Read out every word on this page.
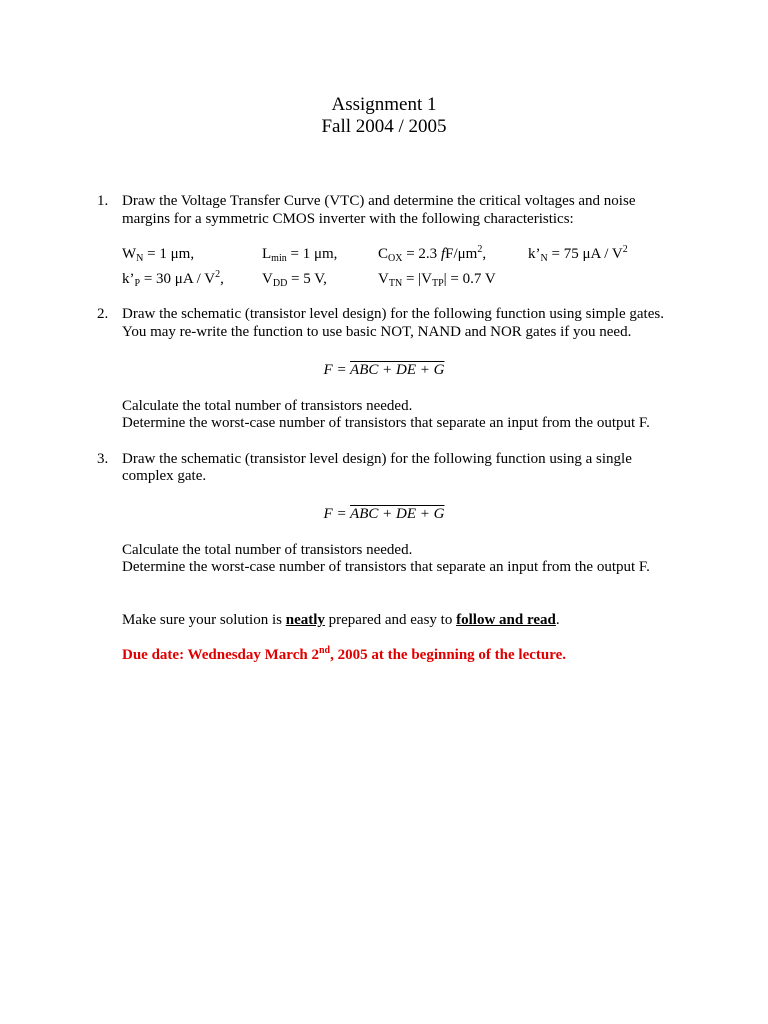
Assignment 1
Fall 2004 / 2005
1. Draw the Voltage Transfer Curve (VTC) and determine the critical voltages and noise
margins for a symmetric CMOS inverter with the following characteristics:
$W_N = 1$ μm,	$L_{min} = 1$ μm,	$C_{OX} = 2.3$ $fF/\mu m^2$,	$k’_N = 75$ μA / $V^2$
$k’_P = 30$ μA / $V^2$,	$V_{DD} = 5$ V,	$V_{TN} = |V_{TP}| = 0.7$ V
2. Draw the schematic (transistor level design) for the following function using simple gates.
You may re-write the function to use basic NOT, NAND and NOR gates if you need.
F = ABC + DE + G
Calculate the total number of transistors needed.
Determine the worst-case number of transistors that separate an input from the output F.
3. Draw the schematic (transistor level design) for the following function using a single
complex gate.
F = ABC + DE + G
Calculate the total number of transistors needed.
Determine the worst-case number of transistors that separate an input from the output F.
Make sure your solution is neatly prepared and easy to follow and read.
Due date: Wednesday March 2nd, 2005 at the beginning of the lecture.
